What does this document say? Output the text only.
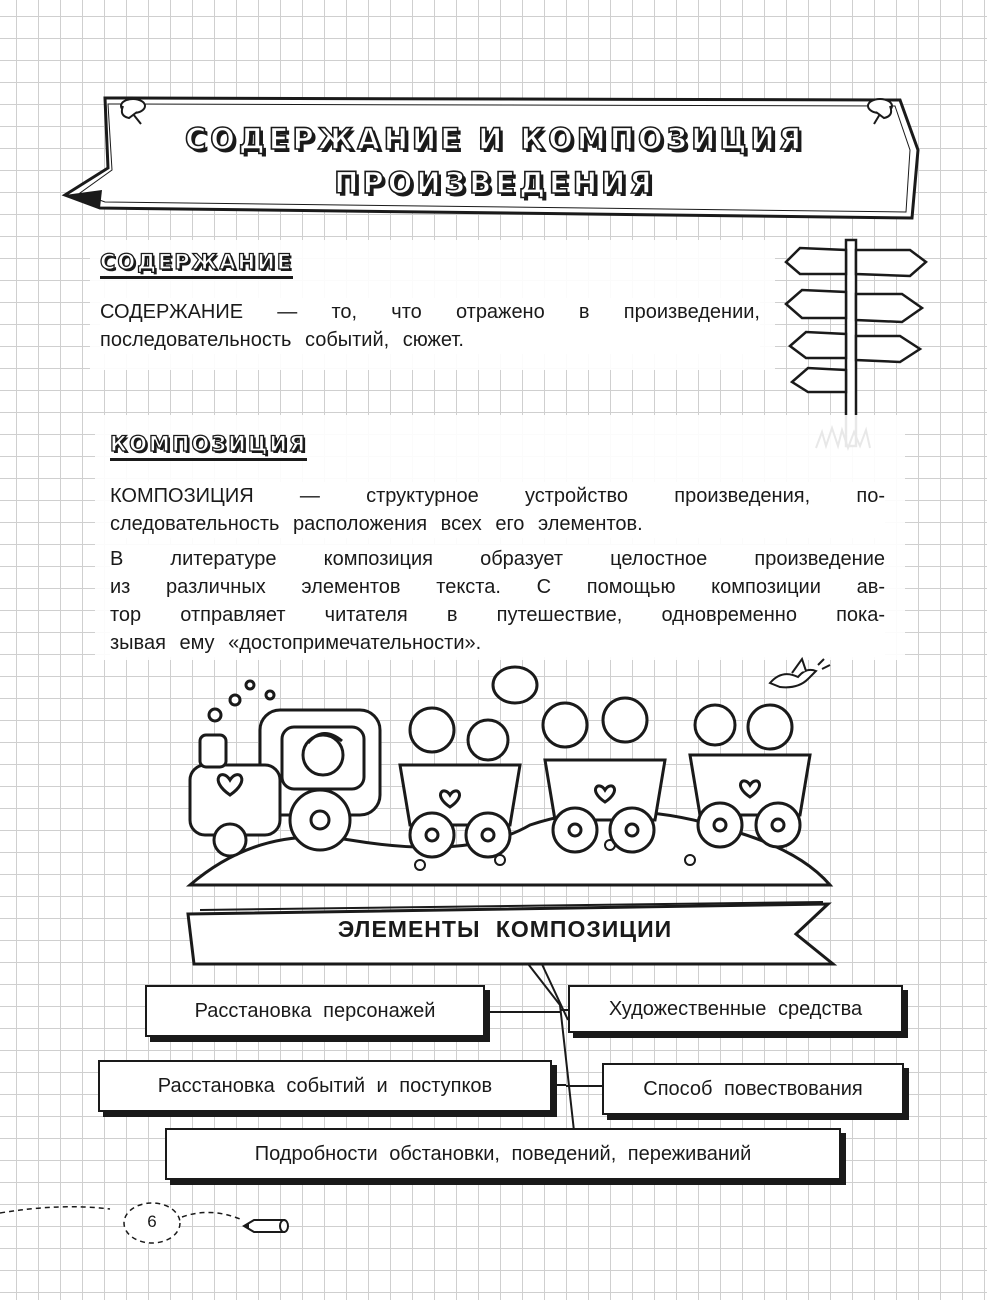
СОДЕРЖАНИЕ И КОМПОЗИЦИЯ
ПРОИЗВЕДЕНИЯ
СОДЕРЖАНИЕ
СОДЕРЖАНИЕ — то, что отражено в произведении,
последовательность событий, сюжет.
КОМПОЗИЦИЯ
КОМПОЗИЦИЯ — структурное устройство произведения, по-
следовательность расположения всех его элементов.
В литературе композиция образует целостное произведение
из различных элементов текста. С помощью композиции ав-
тор отправляет читателя в путешествие, одновременно пока-
зывая ему «достопримечательности».
ЭЛЕМЕНТЫ КОМПОЗИЦИИ
Расстановка персонажей	Художественные средства
Расстановка событий и поступков	Способ повествования
Подробности обстановки, поведений, переживаний
6
